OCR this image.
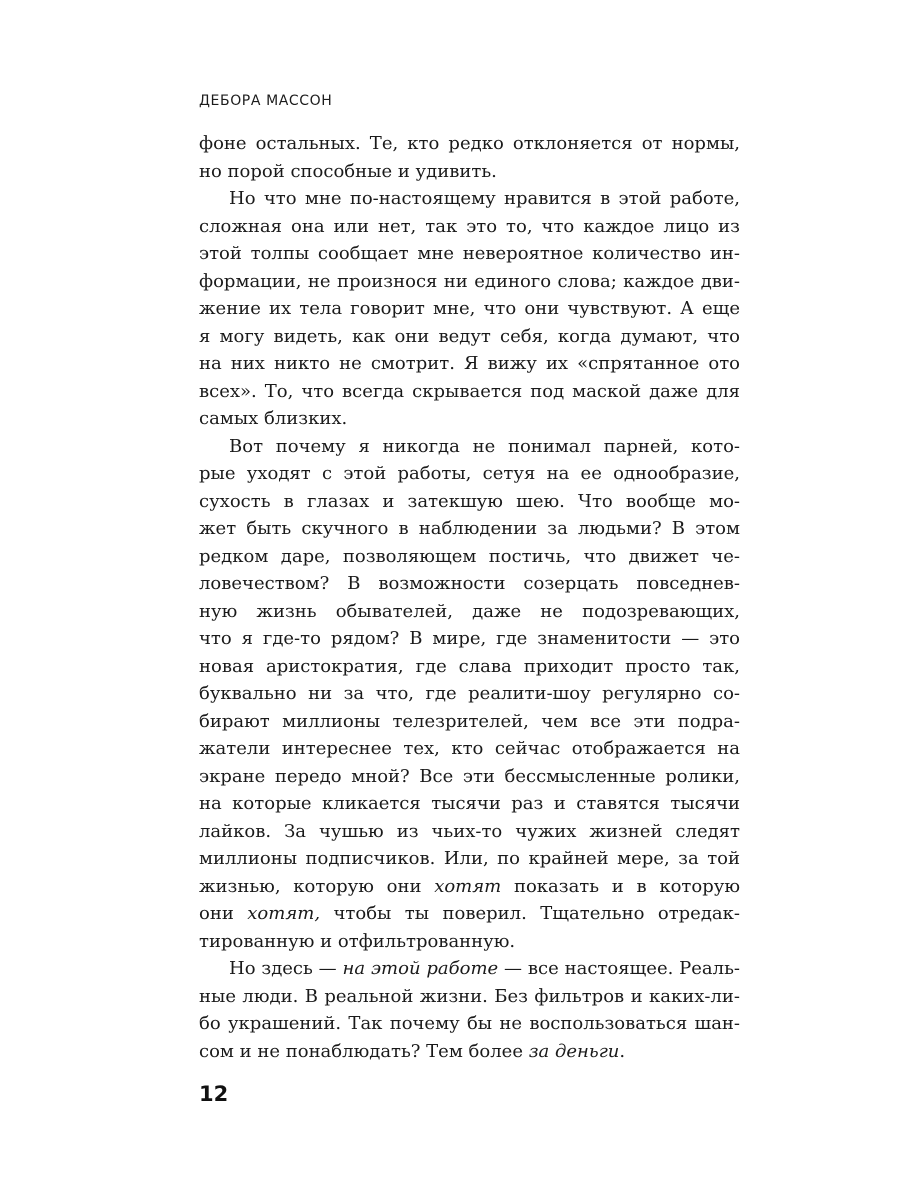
ДЕБОРА МАССОН
фоне остальных. Те, кто редко отклоняется от нормы,
но порой способные и удивить.
Но что мне по-настоящему нравится в этой работе,
сложная она или нет, так это то, что каждое лицо из
этой толпы сообщает мне невероятное количество ин-
формации, не произнося ни единого слова; каждое дви-
жение их тела говорит мне, что они чувствуют. А еще
я могу видеть, как они ведут себя, когда думают, что
на них никто не смотрит. Я вижу их «спрятанное ото
всех». То, что всегда скрывается под маской даже для
самых близких.
Вот почему я никогда не понимал парней, кото-
рые уходят с этой работы, сетуя на ее однообразие,
сухость в глазах и затекшую шею. Что вообще мо-
жет быть скучного в наблюдении за людьми? В этом
редком даре, позволяющем постичь, что движет че-
ловечеством? В возможности созерцать повседнев-
ную жизнь обывателей, даже не подозревающих,
что я где-то рядом? В мире, где знаменитости — это
новая аристократия, где слава приходит просто так,
буквально ни за что, где реалити-шоу регулярно со-
бирают миллионы телезрителей, чем все эти подра-
жатели интереснее тех, кто сейчас отображается на
экране передо мной? Все эти бессмысленные ролики,
на которые кликается тысячи раз и ставятся тысячи
лайков. За чушью из чьих-то чужих жизней следят
миллионы подписчиков. Или, по крайней мере, за той
жизнью, которую они хотят показать и в которую
они хотят, чтобы ты поверил. Тщательно отредак-
тированную и отфильтрованную.
Но здесь — на этой работе — все настоящее. Реаль-
ные люди. В реальной жизни. Без фильтров и каких-ли-
бо украшений. Так почему бы не воспользоваться шан-
сом и не понаблюдать? Тем более за деньги.
12
